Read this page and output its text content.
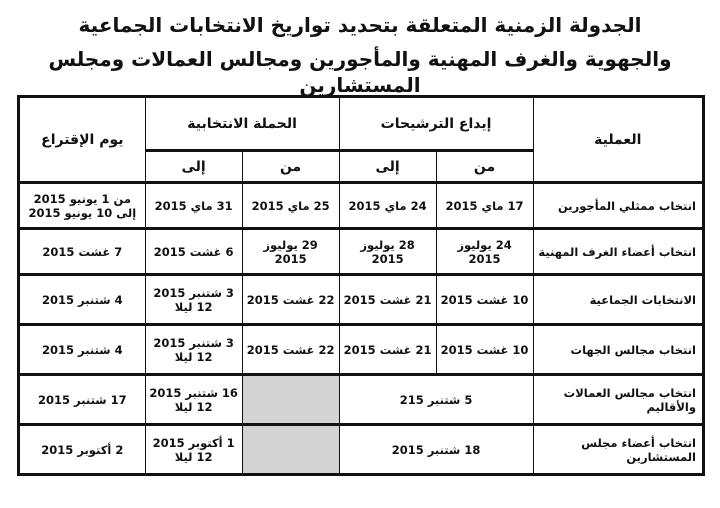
الجدولة الزمنية المتعلقة بتحديد تواريخ الانتخابات الجماعية
والجهوية والغرف المهنية والمأجورين ومجالس العمالات ومجلس المستشارين
العملية	إيداع الترشيحات		الحملة الانتخابية		يوم الإقتراع
	من	إلى	من	إلى	
انتخاب ممثلي المأجورين	17 ماي 2015	24 ماي 2015	25 ماي 2015	31 ماي 2015	من 1 يونيو 2015
إلى 10 يونيو 2015

انتخاب أعضاء الغرف المهنية	24 يوليوز 2015	28 يوليوز 2015	29 يوليوز 2015	6 غشت 2015	7 غشت 2015
الانتخابات الجماعية	10 غشت 2015	21 غشت 2015	22 غشت 2015	3 شتنبر 2015
12 ليلا	4 شتنبر 2015
انتخاب مجالس الجهات	10 غشت 2015	21 غشت 2015	22 غشت 2015	3 شتنبر 2015
12 ليلا	4 شتنبر 2015
انتخاب مجالس العمالات والأقاليم	5 شتنبر 215			16 شتنبر 2015
12 ليلا	17 شتنبر 2015
انتخاب أعضاء مجلس المستشارين	18 شتنبر 2015			1 أكتوبر 2015
12 ليلا	2 أكتوبر 2015
